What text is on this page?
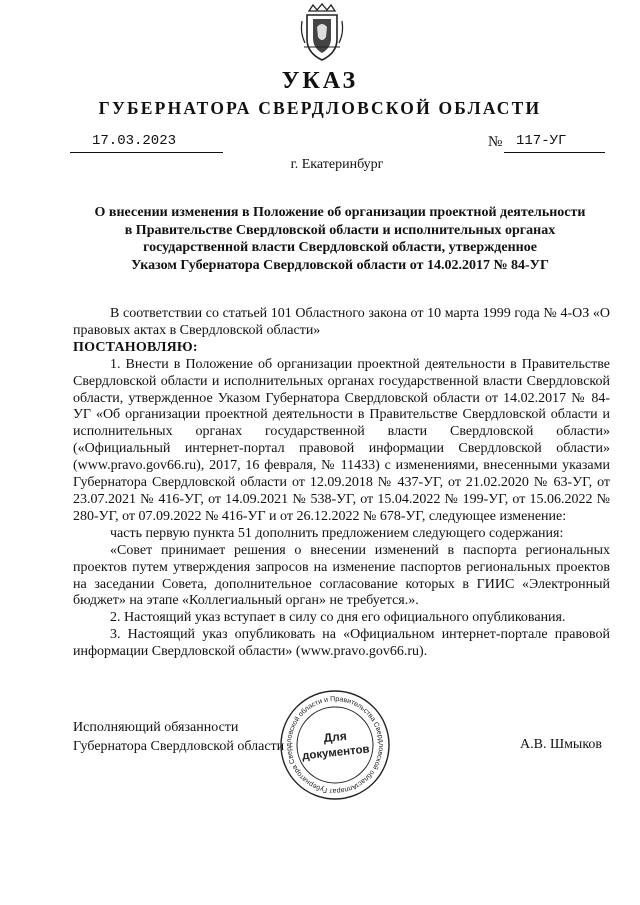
УКАЗ
ГУБЕРНАТОРА СВЕРДЛОВСКОЙ ОБЛАСТИ
17.03.2023	№ 117-УГ
г. Екатеринбург
О внесении изменения в Положение об организации проектной деятельности
в Правительстве Свердловской области и исполнительных органах
государственной власти Свердловской области, утвержденное
Указом Губернатора Свердловской области от 14.02.2017 № 84-УГ

В соответствии со статьей 101 Областного закона от 10 марта 1999 года № 4-ОЗ «О правовых актах в Свердловской области»

ПОСТАНОВЛЯЮ:

1. Внести в Положение об организации проектной деятельности в Правительстве Свердловской области и исполнительных органах государственной власти Свердловской области, утвержденное Указом Губернатора Свердловской области от 14.02.2017 № 84-УГ «Об организации проектной деятельности в Правительстве Свердловской области и исполнительных органах государственной власти Свердловской области» («Официальный интернет-портал правовой информации Свердловской области» (www.pravo.gov66.ru), 2017, 16 февраля, № 11433) с изменениями, внесенными указами Губернатора Свердловской области от 12.09.2018 № 437-УГ, от 21.02.2020 № 63-УГ, от 23.07.2021 № 416-УГ, от 14.09.2021 № 538-УГ, от 15.04.2022 № 199-УГ, от 15.06.2022 № 280-УГ, от 07.09.2022 № 416-УГ и от 26.12.2022 № 678-УГ, следующее изменение:

часть первую пункта 51 дополнить предложением следующего содержания:

«Совет принимает решения о внесении изменений в паспорта региональных проектов путем утверждения запросов на изменение паспортов региональных проектов на заседании Совета, дополнительное согласование которых в ГИИС «Электронный бюджет» на этапе «Коллегиальный орган» не требуется.».

2. Настоящий указ вступает в силу со дня его официального опубликования.

3. Настоящий указ опубликовать на «Официальном интернет-портале правовой информации Свердловской области» (www.pravo.gov66.ru).

Исполняющий обязанности
Губернатора Свердловской области	А.В. Шмыков
Аппарат Губернатора Свердловской области и Правительства Свердловской области
Для
документов
